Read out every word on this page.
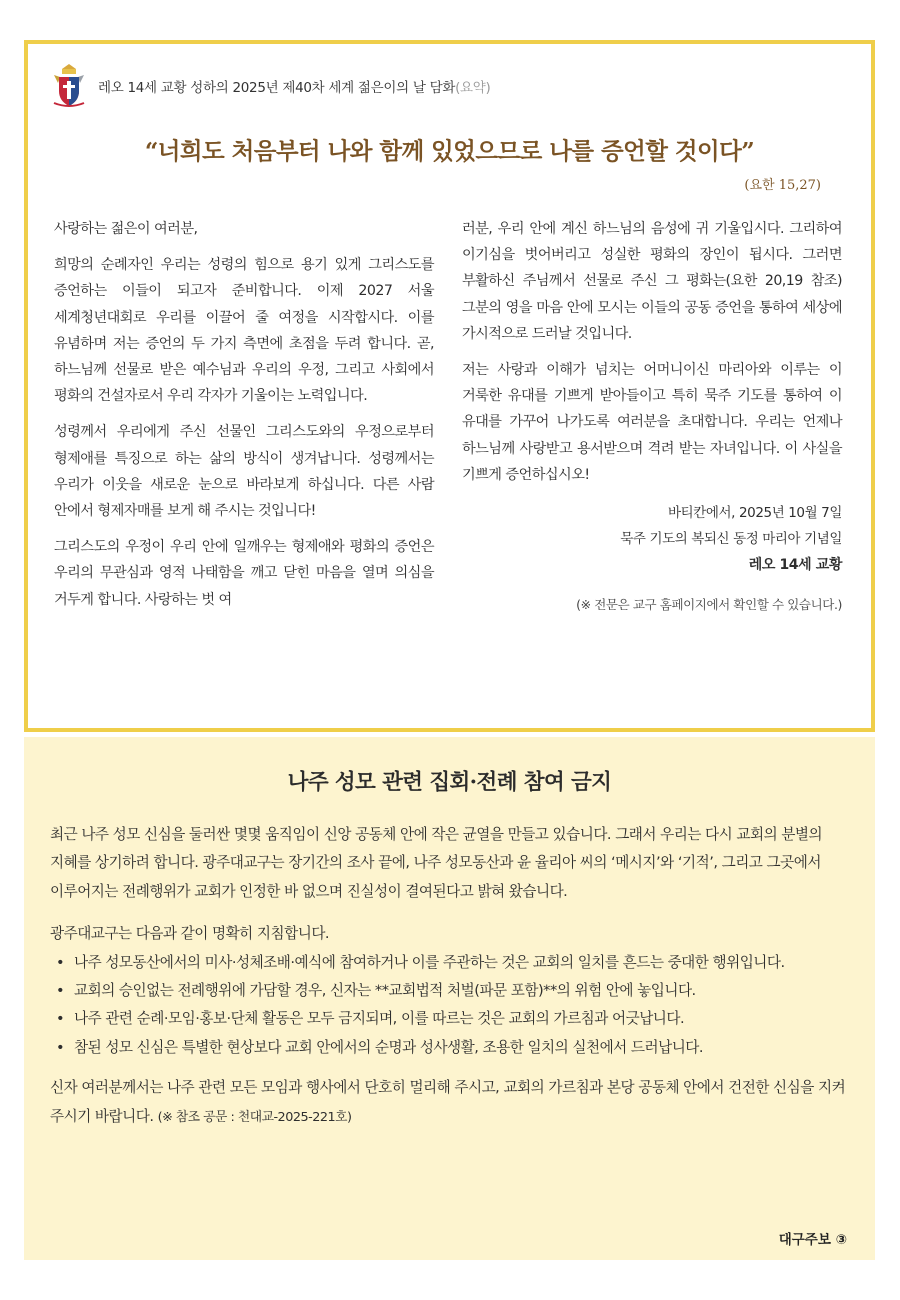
레오 14세 교황 성하의 2025년 제40차 세계 젊은이의 날 담화(요약)
“너희도 처음부터 나와 함께 있었으므로 나를 증언할 것이다”
(요한 15,27)

사랑하는 젊은이 여러분,

희망의 순례자인 우리는 성령의 힘으로 용기 있게 그리스도를 증언하는 이들이 되고자 준비합니다. 이제 2027 서울 세계청년대회로 우리를 이끌어 줄 여정을 시작합시다. 이를 유념하며 저는 증언의 두 가지 측면에 초점을 두려 합니다. 곧, 하느님께 선물로 받은 예수님과 우리의 우정, 그리고 사회에서 평화의 건설자로서 우리 각자가 기울이는 노력입니다.

성령께서 우리에게 주신 선물인 그리스도와의 우정으로부터 형제애를 특징으로 하는 삶의 방식이 생겨납니다. 성령께서는 우리가 이웃을 새로운 눈으로 바라보게 하십니다. 다른 사람 안에서 형제자매를 보게 해 주시는 것입니다!

그리스도의 우정이 우리 안에 일깨우는 형제애와 평화의 증언은 우리의 무관심과 영적 나태함을 깨고 닫힌 마음을 열며 의심을 거두게 합니다. 사랑하는 벗 여

러분, 우리 안에 계신 하느님의 음성에 귀 기울입시다. 그리하여 이기심을 벗어버리고 성실한 평화의 장인이 됩시다. 그러면 부활하신 주님께서 선물로 주신 그 평화는(요한 20,19 참조) 그분의 영을 마음 안에 모시는 이들의 공동 증언을 통하여 세상에 가시적으로 드러날 것입니다.

저는 사랑과 이해가 넘치는 어머니이신 마리아와 이루는 이 거룩한 유대를 기쁘게 받아들이고 특히 묵주 기도를 통하여 이 유대를 가꾸어 나가도록 여러분을 초대합니다. 우리는 언제나 하느님께 사랑받고 용서받으며 격려 받는 자녀입니다. 이 사실을 기쁘게 증언하십시오!

바티칸에서, 2025년 10월 7일
묵주 기도의 복되신 동정 마리아 기념일
레오 14세 교황
(※ 전문은 교구 홈페이지에서 확인할 수 있습니다.)
나주 성모 관련 집회·전례 참여 금지

최근 나주 성모 신심을 둘러싼 몇몇 움직임이 신앙 공동체 안에 작은 균열을 만들고 있습니다. 그래서 우리는 다시 교회의 분별의 지혜를 상기하려 합니다. 광주대교구는 장기간의 조사 끝에, 나주 성모동산과 윤 율리아 씨의 ‘메시지’와 ‘기적’, 그리고 그곳에서 이루어지는 전례행위가 교회가 인정한 바 없으며 진실성이 결여된다고 밝혀 왔습니다.

광주대교구는 다음과 같이 명확히 지침합니다.
• 나주 성모동산에서의 미사·성체조배·예식에 참여하거나 이를 주관하는 것은 교회의 일치를 흔드는 중대한 행위입니다.
• 교회의 승인없는 전례행위에 가담할 경우, 신자는 **교회법적 처벌(파문 포함)**의 위험 안에 놓입니다.
• 나주 관련 순례·모임·홍보·단체 활동은 모두 금지되며, 이를 따르는 것은 교회의 가르침과 어긋납니다.
• 참된 성모 신심은 특별한 현상보다 교회 안에서의 순명과 성사생활, 조용한 일치의 실천에서 드러납니다.

신자 여러분께서는 나주 관련 모든 모임과 행사에서 단호히 멀리해 주시고, 교회의 가르침과 본당 공동체 안에서 건전한 신심을 지켜 주시기 바랍니다. (※ 참조 공문 : 천대교-2025-221호)

대구주보 ③
